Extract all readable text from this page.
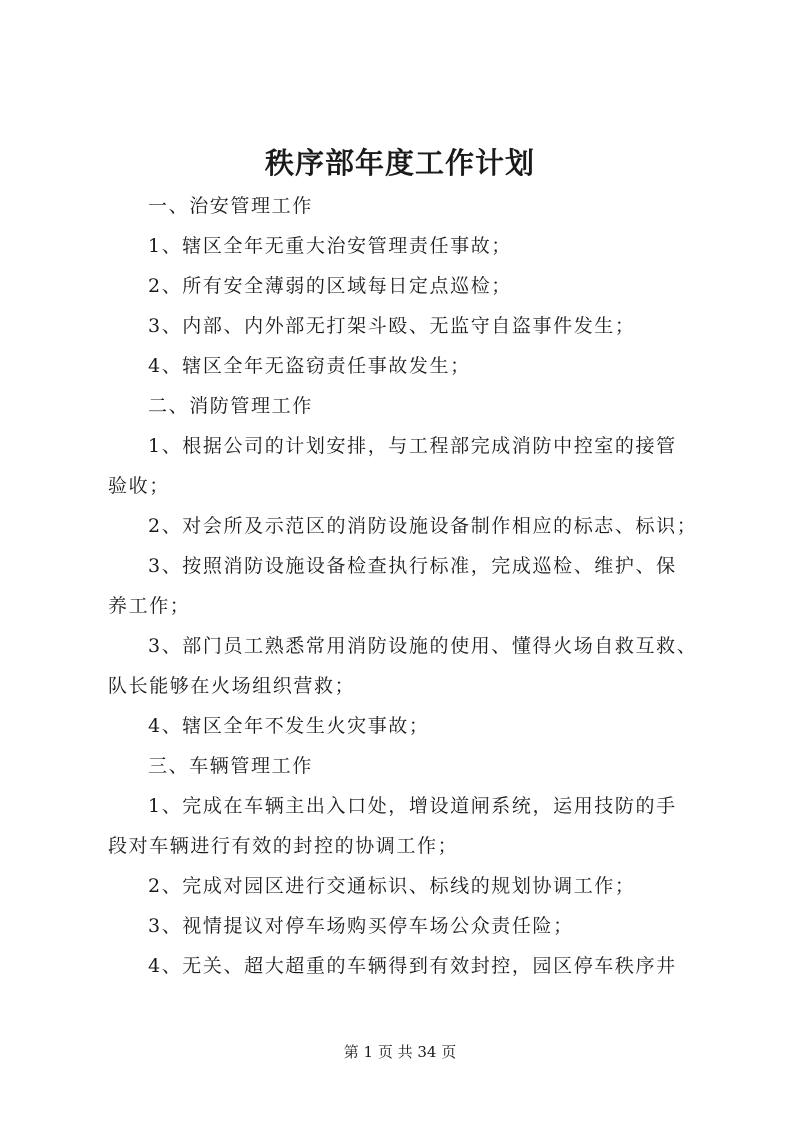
秩序部年度工作计划
一、治安管理工作
1、辖区全年无重大治安管理责任事故；
2、所有安全薄弱的区域每日定点巡检；
3、内部、内外部无打架斗殴、无监守自盗事件发生；
4、辖区全年无盗窃责任事故发生；
二、消防管理工作
1、根据公司的计划安排，与工程部完成消防中控室的接管
验收；
2、对会所及示范区的消防设施设备制作相应的标志、标识；
3、按照消防设施设备检查执行标准，完成巡检、维护、保
养工作；
3、部门员工熟悉常用消防设施的使用、懂得火场自救互救、
队长能够在火场组织营救；
4、辖区全年不发生火灾事故；
三、车辆管理工作
1、完成在车辆主出入口处，增设道闸系统，运用技防的手
段对车辆进行有效的封控的协调工作；
2、完成对园区进行交通标识、标线的规划协调工作；
3、视情提议对停车场购买停车场公众责任险；
4、无关、超大超重的车辆得到有效封控，园区停车秩序井
第 1 页 共 34 页
